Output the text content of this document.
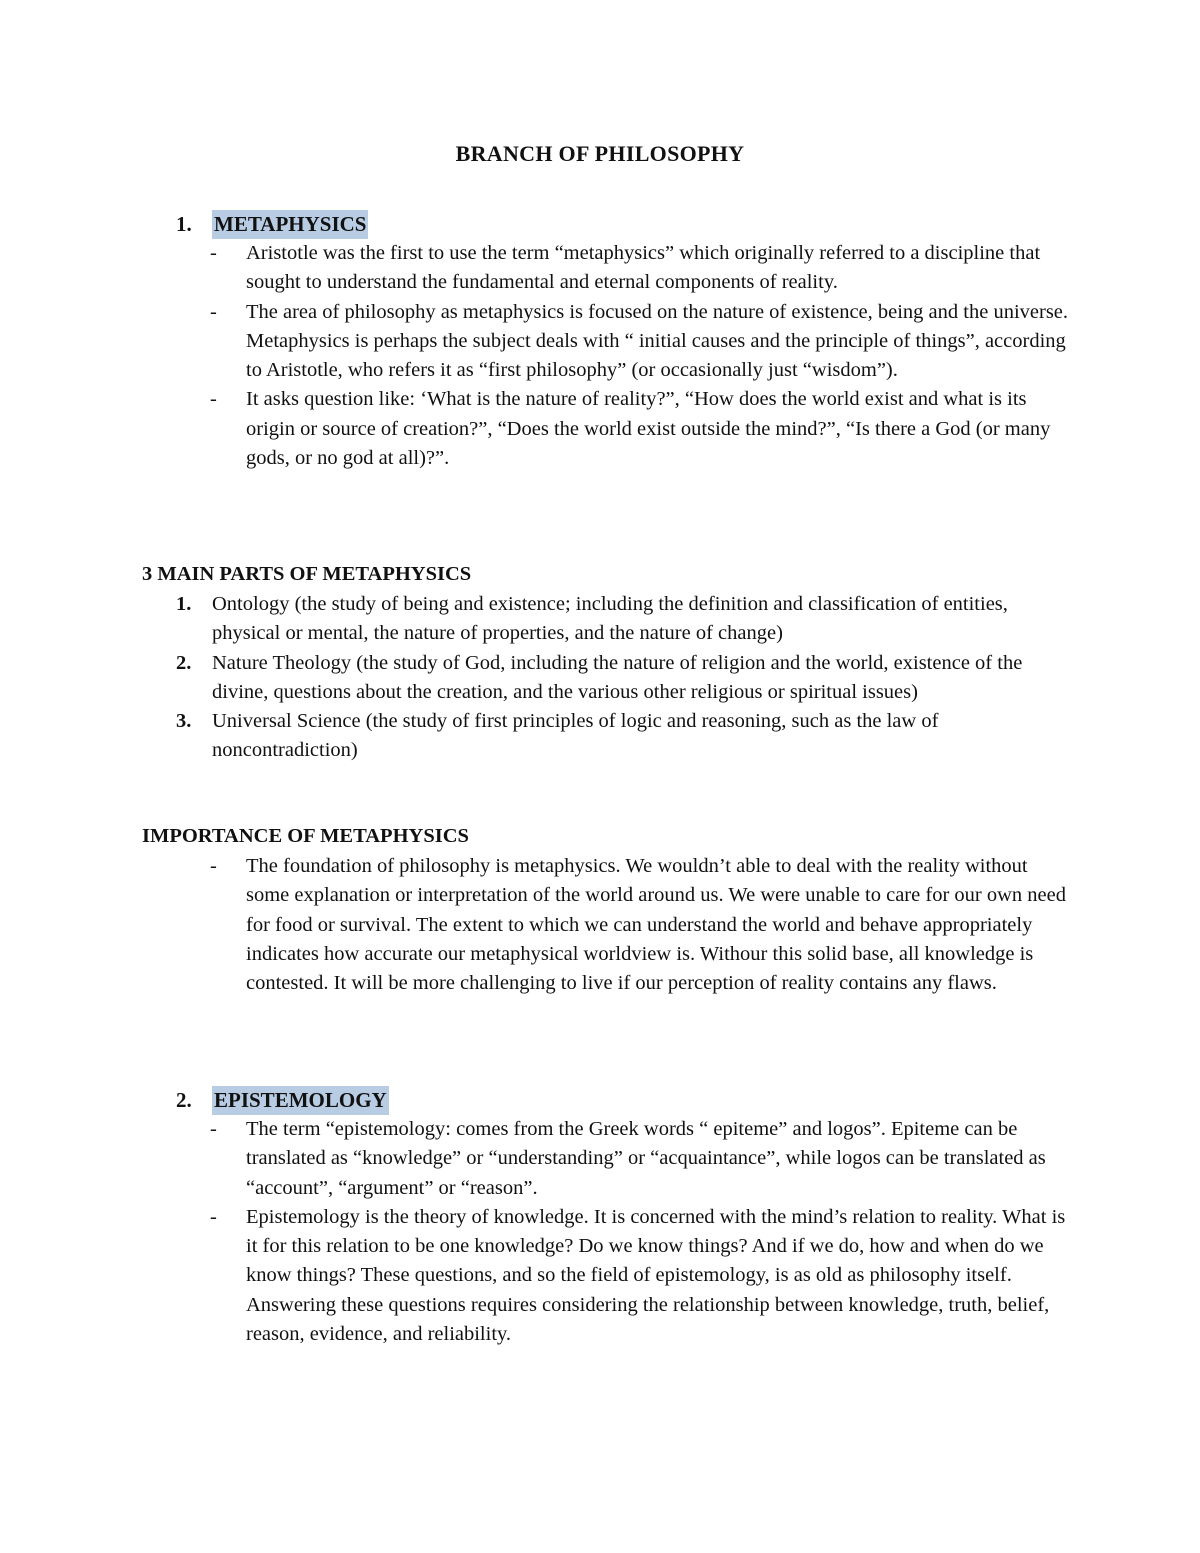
BRANCH OF PHILOSOPHY
1. METAPHYSICS
- Aristotle was the first to use the term “metaphysics” which originally referred to a discipline that sought to understand the fundamental and eternal components of reality.
- The area of philosophy as metaphysics is focused on the nature of existence, being and the universe. Metaphysics is perhaps the subject deals with “ initial causes and the principle of things”, according to Aristotle, who refers it as “first philosophy” (or occasionally just “wisdom”).
- It asks question like: ‘What is the nature of reality?”, “How does the world exist and what is its origin or source of creation?”, “Does the world exist outside the mind?”, “Is there a God (or many gods, or no god at all)?”.
3 MAIN PARTS OF METAPHYSICS
1. Ontology (the study of being and existence; including the definition and classification of entities, physical or mental, the nature of properties, and the nature of change)
2. Nature Theology (the study of God, including the nature of religion and the world, existence of the divine, questions about the creation, and the various other religious or spiritual issues)
3. Universal Science (the study of first principles of logic and reasoning, such as the law of noncontradiction)
IMPORTANCE OF METAPHYSICS
- The foundation of philosophy is metaphysics. We wouldn’t able to deal with the reality without some explanation or interpretation of the world around us. We were unable to care for our own need for food or survival. The extent to which we can understand the world and behave appropriately indicates how accurate our metaphysical worldview is. Withour this solid base, all knowledge is contested. It will be more challenging to live if our perception of reality contains any flaws.
2. EPISTEMOLOGY
- The term “epistemology: comes from the Greek words “ epiteme” and logos”. Epiteme can be translated as “knowledge” or “understanding” or “acquaintance”, while logos can be translated as “account”, “argument” or “reason”.
- Epistemology is the theory of knowledge. It is concerned with the mind’s relation to reality. What is it for this relation to be one knowledge? Do we know things? And if we do, how and when do we know things? These questions, and so the field of epistemology, is as old as philosophy itself. Answering these questions requires considering the relationship between knowledge, truth, belief, reason, evidence, and reliability.
